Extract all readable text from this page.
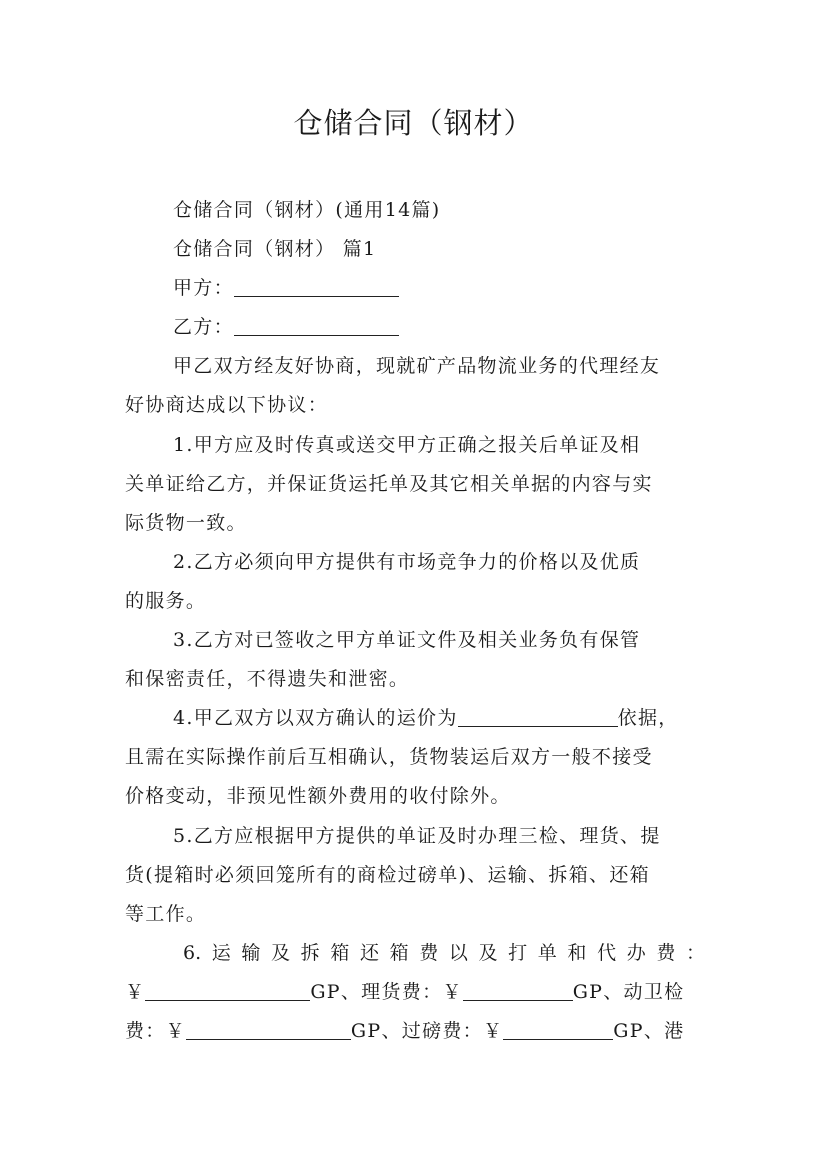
仓储合同（钢材）
仓储合同（钢材）(通用14篇)
仓储合同（钢材） 篇1
甲方：
乙方：
甲乙双方经友好协商，现就矿产品物流业务的代理经友
好协商达成以下协议：
1.甲方应及时传真或送交甲方正确之报关后单证及相
关单证给乙方，并保证货运托单及其它相关单据的内容与实
际货物一致。
2.乙方必须向甲方提供有市场竞争力的价格以及优质
的服务。
3.乙方对已签收之甲方单证文件及相关业务负有保管
和保密责任，不得遗失和泄密。
4.甲乙双方以双方确认的运价为	依据，
且需在实际操作前后互相确认，货物装运后双方一般不接受
价格变动，非预见性额外费用的收付除外。
5.乙方应根据甲方提供的单证及时办理三检、理货、提
货(提箱时必须回笼所有的商检过磅单)、运输、拆箱、还箱
等工作。
6.运输及拆箱还箱费以及打单和代办费：
￥	GP、理货费：￥	GP、动卫检
费：￥	GP、过磅费：￥	GP、港
